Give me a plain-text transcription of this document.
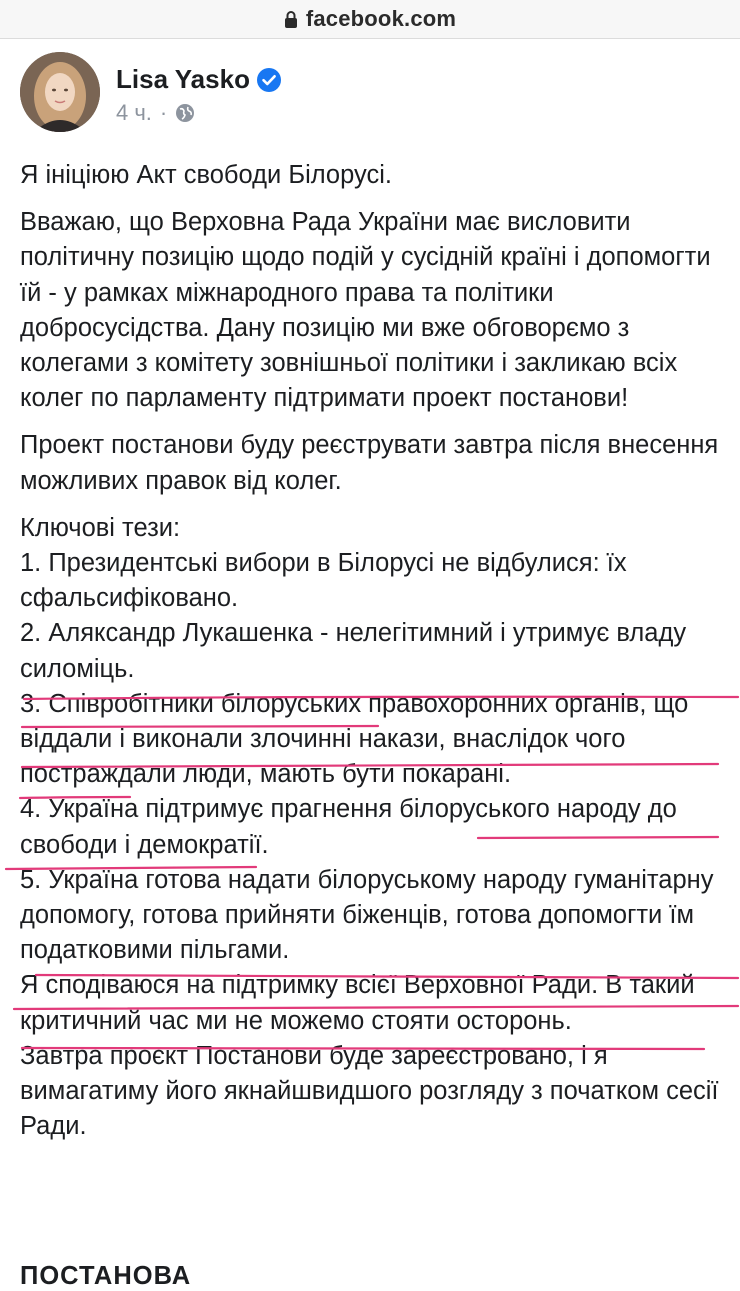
facebook.com
Lisa Yasko
4 ч. ·

Я ініціюю Акт свободи Білорусі.

Вважаю, що Верховна Рада України має висловити політичну позицію щодо подій у сусідній країні і допомогти їй - у рамках міжнародного права та політики добросусідства. Дану позицію ми вже обговорємо з колегами з комітету зовнішньої політики і закликаю всіх колег по парламенту підтримати проект постанови!

Проект постанови буду реєструвати завтра після внесення можливих правок від колег.

Ключові тези:
1. Президентські вибори в Білорусі не відбулися: їх сфальсифіковано.
2. Аляксандр Лукашенка - нелегітимний і утримує владу силоміць.
3. Співробітники білоруських правохоронних органів, що віддали і виконали злочинні накази, внаслідок чого постраждали люди, мають бути покарані.
4. Україна підтримує прагнення білоруського народу до свободи і демократії.
5. Україна готова надати білоруському народу гуманітарну допомогу, готова прийняти біженців, готова допомогти їм податковими пільгами.
Я сподіваюся на підтримку всієї Верховної Ради. В такий критичний час ми не можемо стояти осторонь.
Завтра проєкт Постанови буде зареєстровано, і я вимагатиму його якнайшвидшого розгляду з початком сесії Ради.
ПОСТАНОВА
